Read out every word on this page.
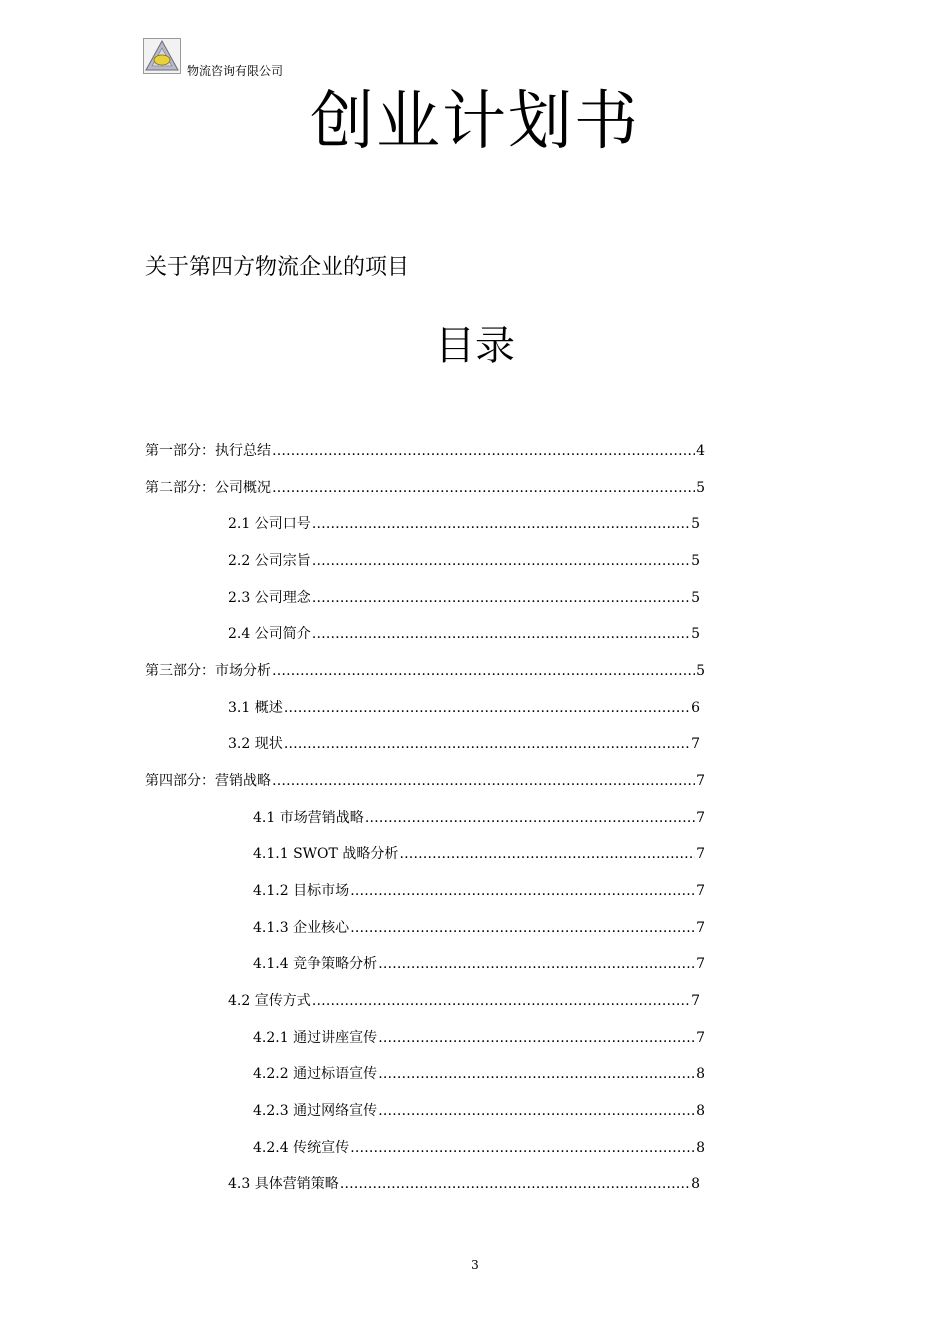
物流咨询有限公司
创业计划书
关于第四方物流企业的项目
目录
第一部分：执行总结 ……………………………………………………………………………………………………………………………………………………………………………………………………………………	4
第二部分：公司概况 ……………………………………………………………………………………………………………………………………………………………………………………………………………………	5
2.1 公司口号 ……………………………………………………………………………………………………………………………………………………………………………………………………………………	5
2.2 公司宗旨 ……………………………………………………………………………………………………………………………………………………………………………………………………………………	5
2.3 公司理念 ……………………………………………………………………………………………………………………………………………………………………………………………………………………	5
2.4 公司简介 ……………………………………………………………………………………………………………………………………………………………………………………………………………………	5
第三部分：市场分析 ……………………………………………………………………………………………………………………………………………………………………………………………………………………	5
3.1 概述 ……………………………………………………………………………………………………………………………………………………………………………………………………………………	6
3.2 现状 ……………………………………………………………………………………………………………………………………………………………………………………………………………………	7
第四部分：营销战略 ……………………………………………………………………………………………………………………………………………………………………………………………………………………	7
4.1 市场营销战略 ……………………………………………………………………………………………………………………………………………………………………………………………………………………	7
4.1.1 SWOT 战略分析 ……………………………………………………………………………………………………………………………………………………………………………………………………………………	7
4.1.2 目标市场 ……………………………………………………………………………………………………………………………………………………………………………………………………………………	7
4.1.3 企业核心 ……………………………………………………………………………………………………………………………………………………………………………………………………………………	7
4.1.4 竞争策略分析 ……………………………………………………………………………………………………………………………………………………………………………………………………………………	7
4.2 宣传方式 ……………………………………………………………………………………………………………………………………………………………………………………………………………………	7
4.2.1 通过讲座宣传 ……………………………………………………………………………………………………………………………………………………………………………………………………………………	7
4.2.2 通过标语宣传 ……………………………………………………………………………………………………………………………………………………………………………………………………………………	8
4.2.3 通过网络宣传 ……………………………………………………………………………………………………………………………………………………………………………………………………………………	8
4.2.4 传统宣传 ……………………………………………………………………………………………………………………………………………………………………………………………………………………	8
4.3 具体营销策略 ……………………………………………………………………………………………………………………………………………………………………………………………………………………	8
3
